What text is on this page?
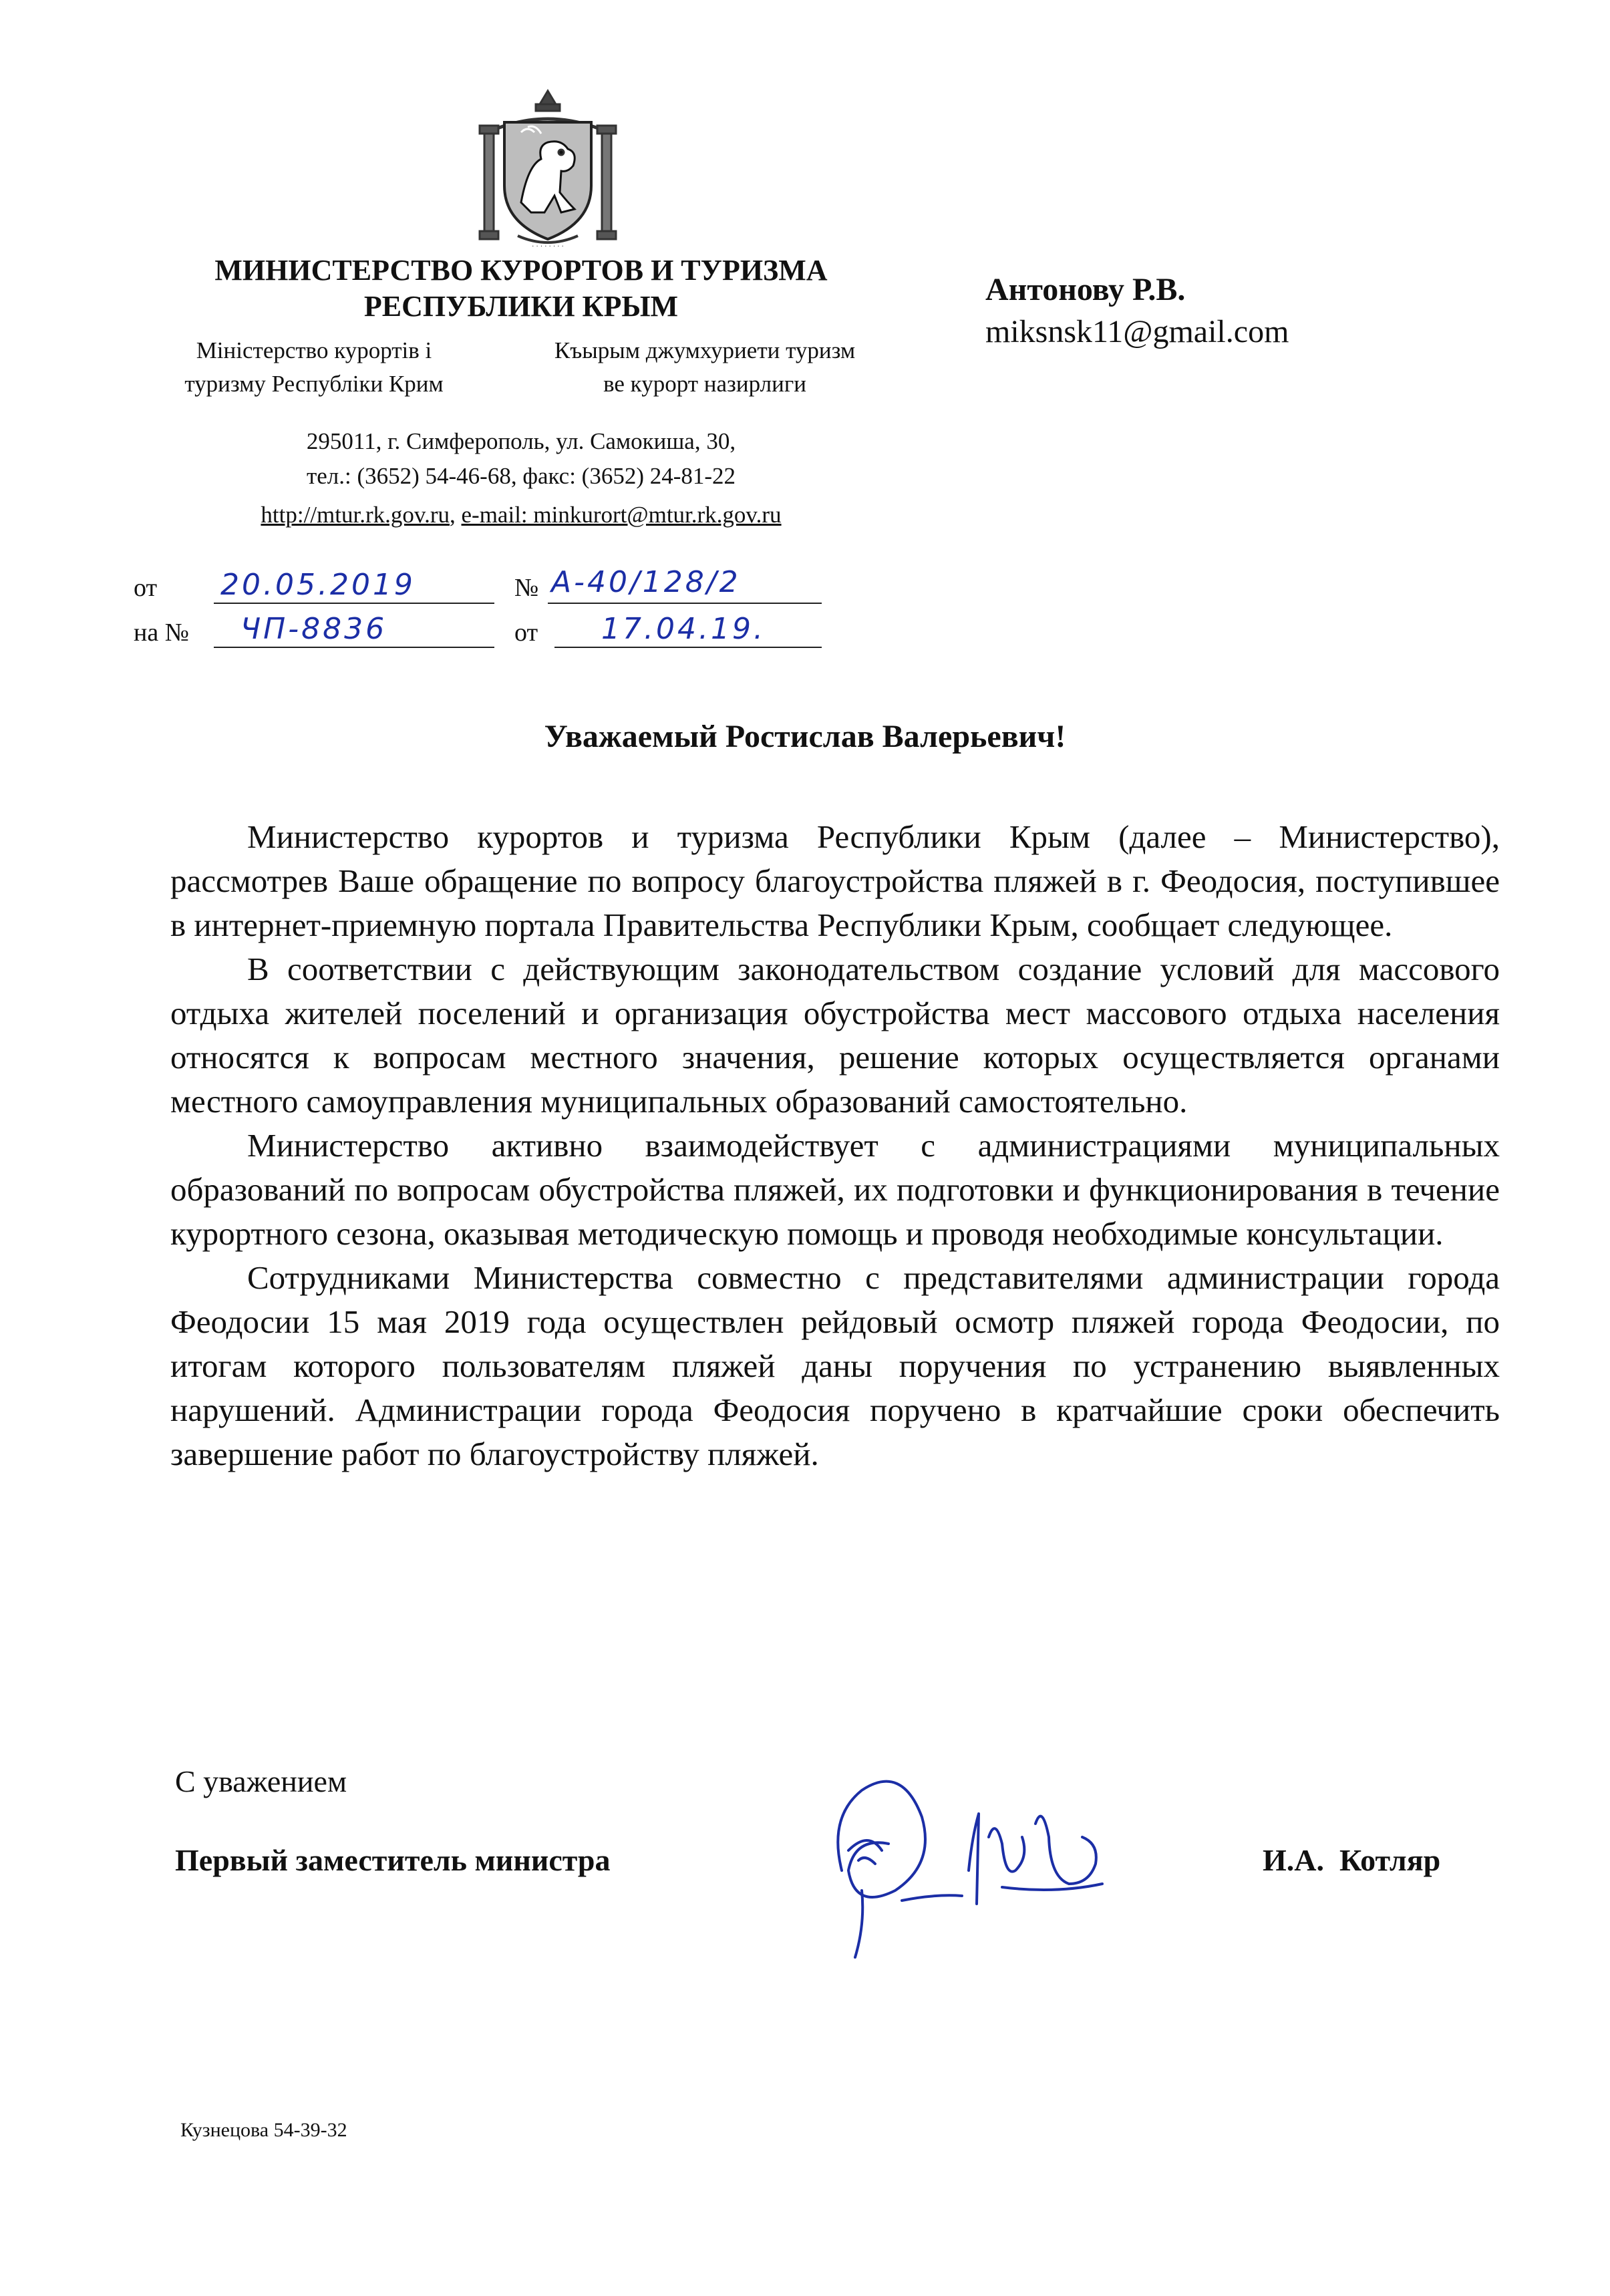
· · · · · · · ·
МИНИСТЕРСТВО КУРОРТОВ И ТУРИЗМА
РЕСПУБЛИКИ КРЫМ
Міністерство курортів і
туризму Республіки Крим
Къырым джумхуриети туризм
ве курорт назирлиги
295011, г. Симферополь, ул. Самокиша, 30,
тел.: (3652) 54-46-68, факс: (3652) 24-81-22
http://mtur.rk.gov.ru, e-mail: minkurort@mtur.rk.gov.ru
Антонову Р.В.
miksnsk11@gmail.com
от 20.05.2019	№ А-40/128/2
на № ЧП-8836	от 17.04.19.
Уважаемый Ростислав Валерьевич!

Министерство курортов и туризма Республики Крым (далее – Министерство), рассмотрев Ваше обращение по вопросу благоустройства пляжей в г. Феодосия, поступившее в интернет-приемную портала Правительства Республики Крым, сообщает следующее.

В соответствии с действующим законодательством создание условий для массового отдыха жителей поселений и организация обустройства мест массового отдыха населения относятся к вопросам местного значения, решение которых осуществляется органами местного самоуправления муниципальных образований самостоятельно.

Министерство активно взаимодействует с администрациями муниципальных образований по вопросам обустройства пляжей, их подготовки и функционирования в течение курортного сезона, оказывая методическую помощь и проводя необходимые консультации.

Сотрудниками Министерства совместно с представителями администрации города Феодосии 15 мая 2019 года осуществлен рейдовый осмотр пляжей города Феодосии, по итогам которого пользователям пляжей даны поручения по устранению выявленных нарушений. Администрации города Феодосия поручено в кратчайшие сроки обеспечить завершение работ по благоустройству пляжей.

С уважением
Первый заместитель министра	И.А.  Котляр
Кузнецова 54-39-32
